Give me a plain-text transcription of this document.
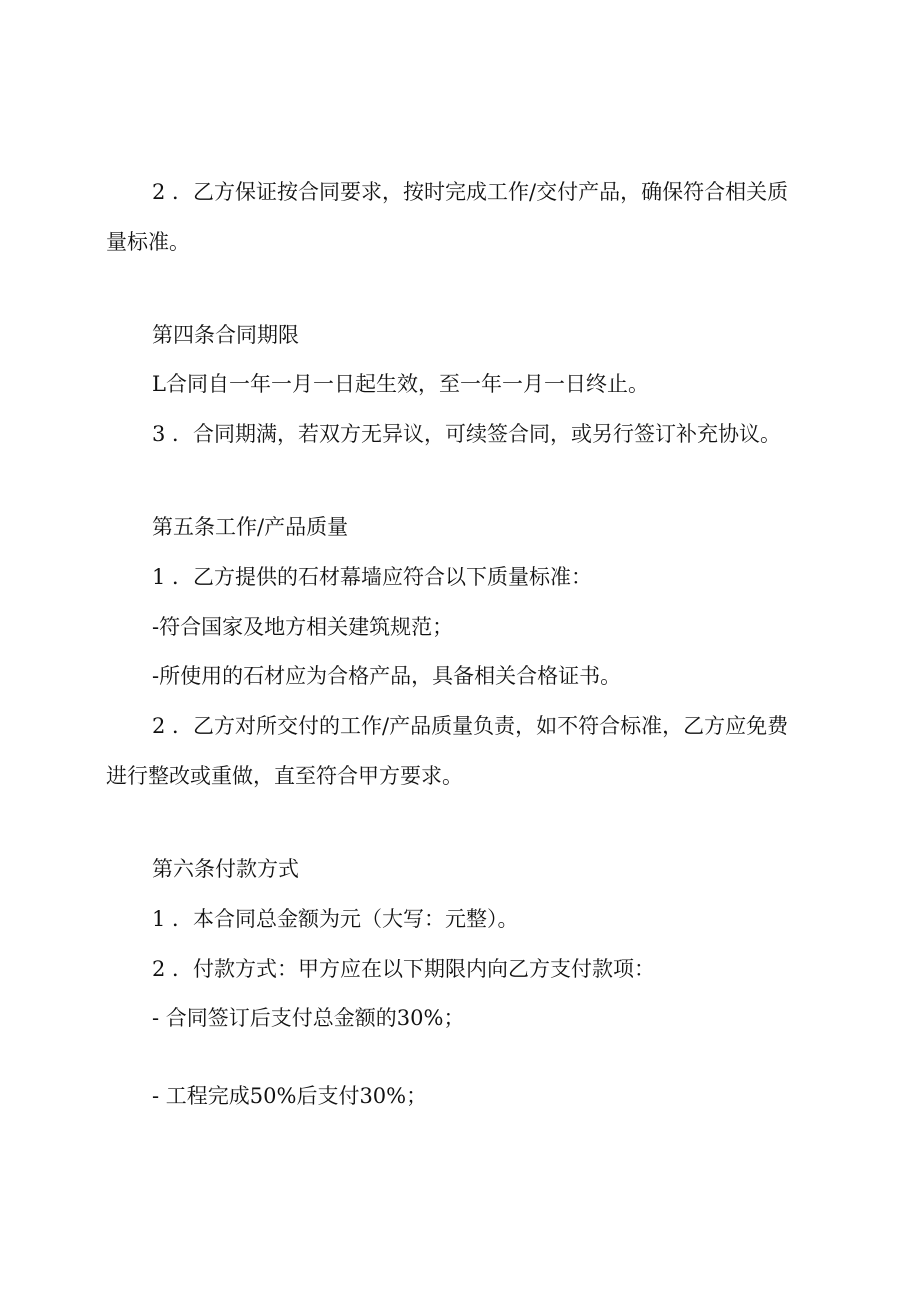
2 ．乙方保证按合同要求，按时完成工作/交付产品，确保符合相关质

量标准。

第四条合同期限

L合同自一年一月一日起生效，至一年一月一日终止。

3 ．合同期满，若双方无异议，可续签合同，或另行签订补充协议。

第五条工作/产品质量

1 ．乙方提供的石材幕墙应符合以下质量标准：

-符合国家及地方相关建筑规范；

-所使用的石材应为合格产品，具备相关合格证书。

2 ．乙方对所交付的工作/产品质量负责，如不符合标准，乙方应免费

进行整改或重做，直至符合甲方要求。

第六条付款方式

1 ．本合同总金额为元（大写：元整）。

2 ．付款方式：甲方应在以下期限内向乙方支付款项：

- 合同签订后支付总金额的30%；

- 工程完成50%后支付30%；
